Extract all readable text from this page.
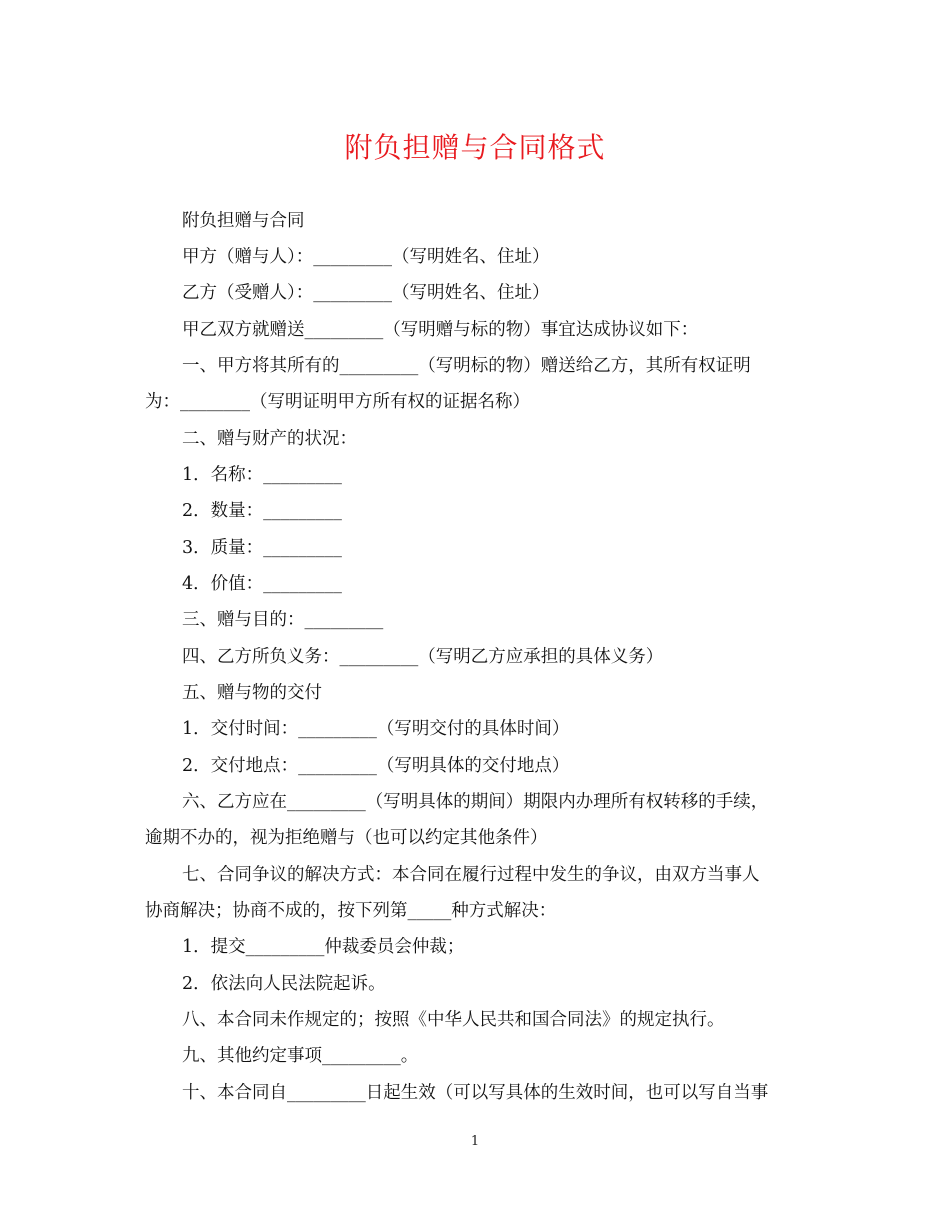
附负担赠与合同格式
附负担赠与合同
甲方（赠与人）：_________（写明姓名、住址）
乙方（受赠人）：_________（写明姓名、住址）
甲乙双方就赠送_________（写明赠与标的物）事宜达成协议如下：
一、甲方将其所有的_________（写明标的物）赠送给乙方，其所有权证明
为：________（写明证明甲方所有权的证据名称）
二、赠与财产的状况：
1．名称：_________
2．数量：_________
3．质量：_________
4．价值：_________
三、赠与目的：_________
四、乙方所负义务：_________（写明乙方应承担的具体义务）
五、赠与物的交付
1．交付时间：_________（写明交付的具体时间）
2．交付地点：_________（写明具体的交付地点）
六、乙方应在_________（写明具体的期间）期限内办理所有权转移的手续，
逾期不办的，视为拒绝赠与（也可以约定其他条件）
七、合同争议的解决方式：本合同在履行过程中发生的争议，由双方当事人
协商解决；协商不成的，按下列第_____种方式解决：
1．提交_________仲裁委员会仲裁；
2．依法向人民法院起诉。
八、本合同未作规定的；按照《中华人民共和国合同法》的规定执行。
九、其他约定事项_________。
十、本合同自_________日起生效（可以写具体的生效时间，也可以写自当事
1
